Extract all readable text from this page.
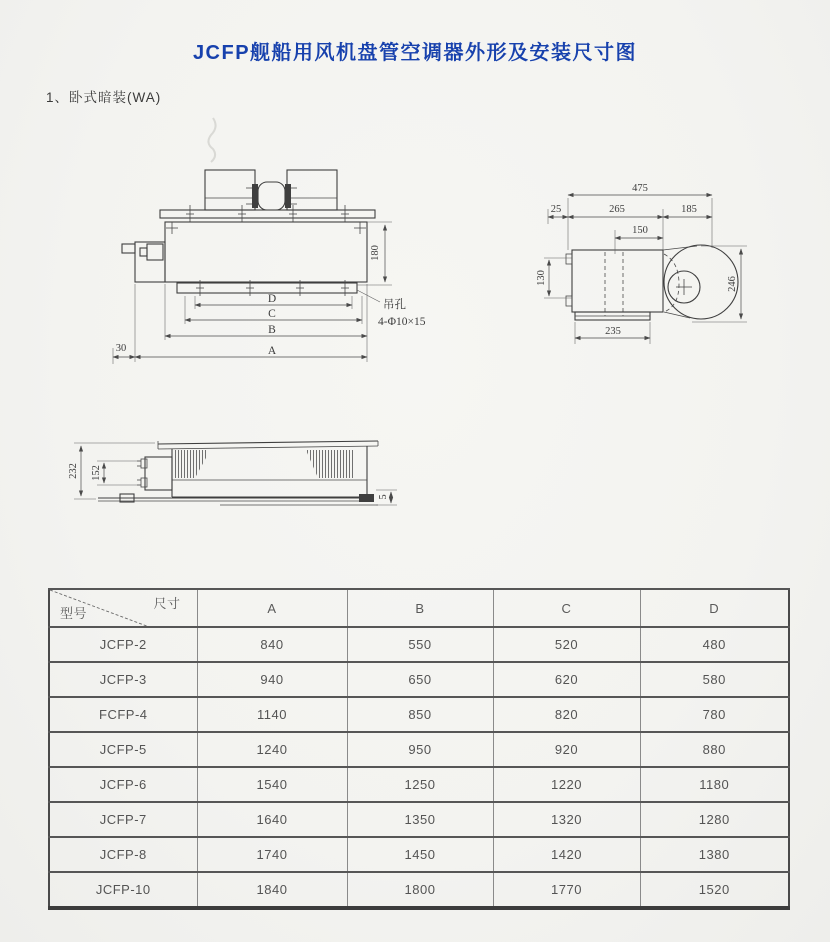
JCFP舰船用风机盘管空调器外形及安装尺寸图
1、卧式暗装(WA)
180
吊孔
4-Φ10×15
D
C
B
A
30
475
25	265	185
150
130	246
235
232 152
5
尺寸
型号	A	B	C	D
JCFP-2	840	550	520	480
JCFP-3	940	650	620	580
FCFP-4	1140	850	820	780
JCFP-5	1240	950	920	880
JCFP-6	1540	1250	1220	1180
JCFP-7	1640	1350	1320	1280
JCFP-8	1740	1450	1420	1380
JCFP-10	1840	1800	1770	1520
